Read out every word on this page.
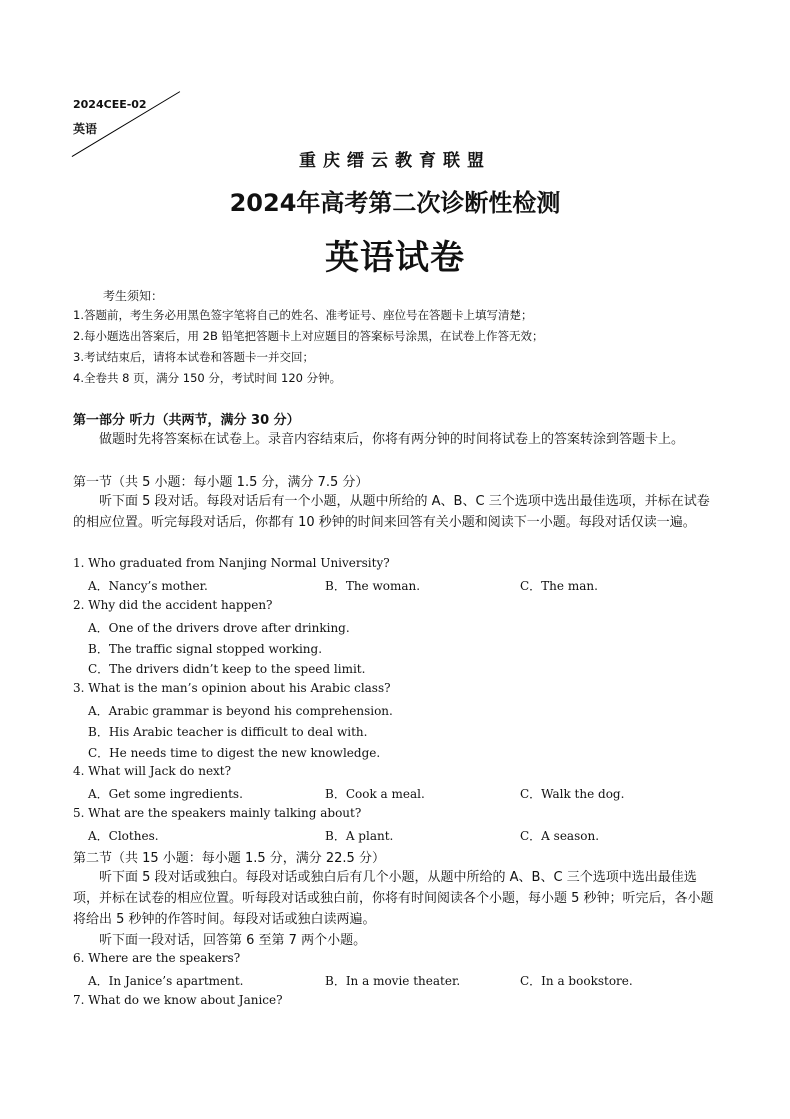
2024CEE-02
英语
重庆缙云教育联盟
2024年高考第二次诊断性检测
英语试卷
考生须知：
1.答题前，考生务必用黑色签字笔将自己的姓名、准考证号、座位号在答题卡上填写清楚；
2.每小题选出答案后，用 2B 铅笔把答题卡上对应题目的答案标号涂黑，在试卷上作答无效；
3.考试结束后，请将本试卷和答题卡一并交回；
4.全卷共 8 页，满分 150 分，考试时间 120 分钟。
第一部分 听力（共两节，满分 30 分）
做题时先将答案标在试卷上。录音内容结束后，你将有两分钟的时间将试卷上的答案转涂到答题卡上。
第一节（共 5 小题：每小题 1.5 分，满分 7.5 分）
听下面 5 段对话。每段对话后有一个小题，从题中所给的 A、B、C 三个选项中选出最佳选项，并标在试卷的相应位置。听完每段对话后，你都有 10 秒钟的时间来回答有关小题和阅读下一小题。每段对话仅读一遍。
1. Who graduated from Nanjing Normal University?
A．Nancy’s mother.	B．The woman.	C．The man.
2. Why did the accident happen?
A．One of the drivers drove after drinking.
B．The traffic signal stopped working.
C．The drivers didn’t keep to the speed limit.
3. What is the man’s opinion about his Arabic class?
A．Arabic grammar is beyond his comprehension.
B．His Arabic teacher is difficult to deal with.
C．He needs time to digest the new knowledge.
4. What will Jack do next?
A．Get some ingredients.	B．Cook a meal.	C．Walk the dog.
5. What are the speakers mainly talking about?
A．Clothes.	B．A plant.	C．A season.
第二节（共 15 小题：每小题 1.5 分，满分 22.5 分）
听下面 5 段对话或独白。每段对话或独白后有几个小题，从题中所给的 A、B、C 三个选项中选出最佳选项，并标在试卷的相应位置。听每段对话或独白前，你将有时间阅读各个小题，每小题 5 秒钟；听完后，各小题将给出 5 秒钟的作答时间。每段对话或独白读两遍。
听下面一段对话，回答第 6 至第 7 两个小题。
6. Where are the speakers?
A．In Janice’s apartment.	B．In a movie theater.	C．In a bookstore.
7. What do we know about Janice?
